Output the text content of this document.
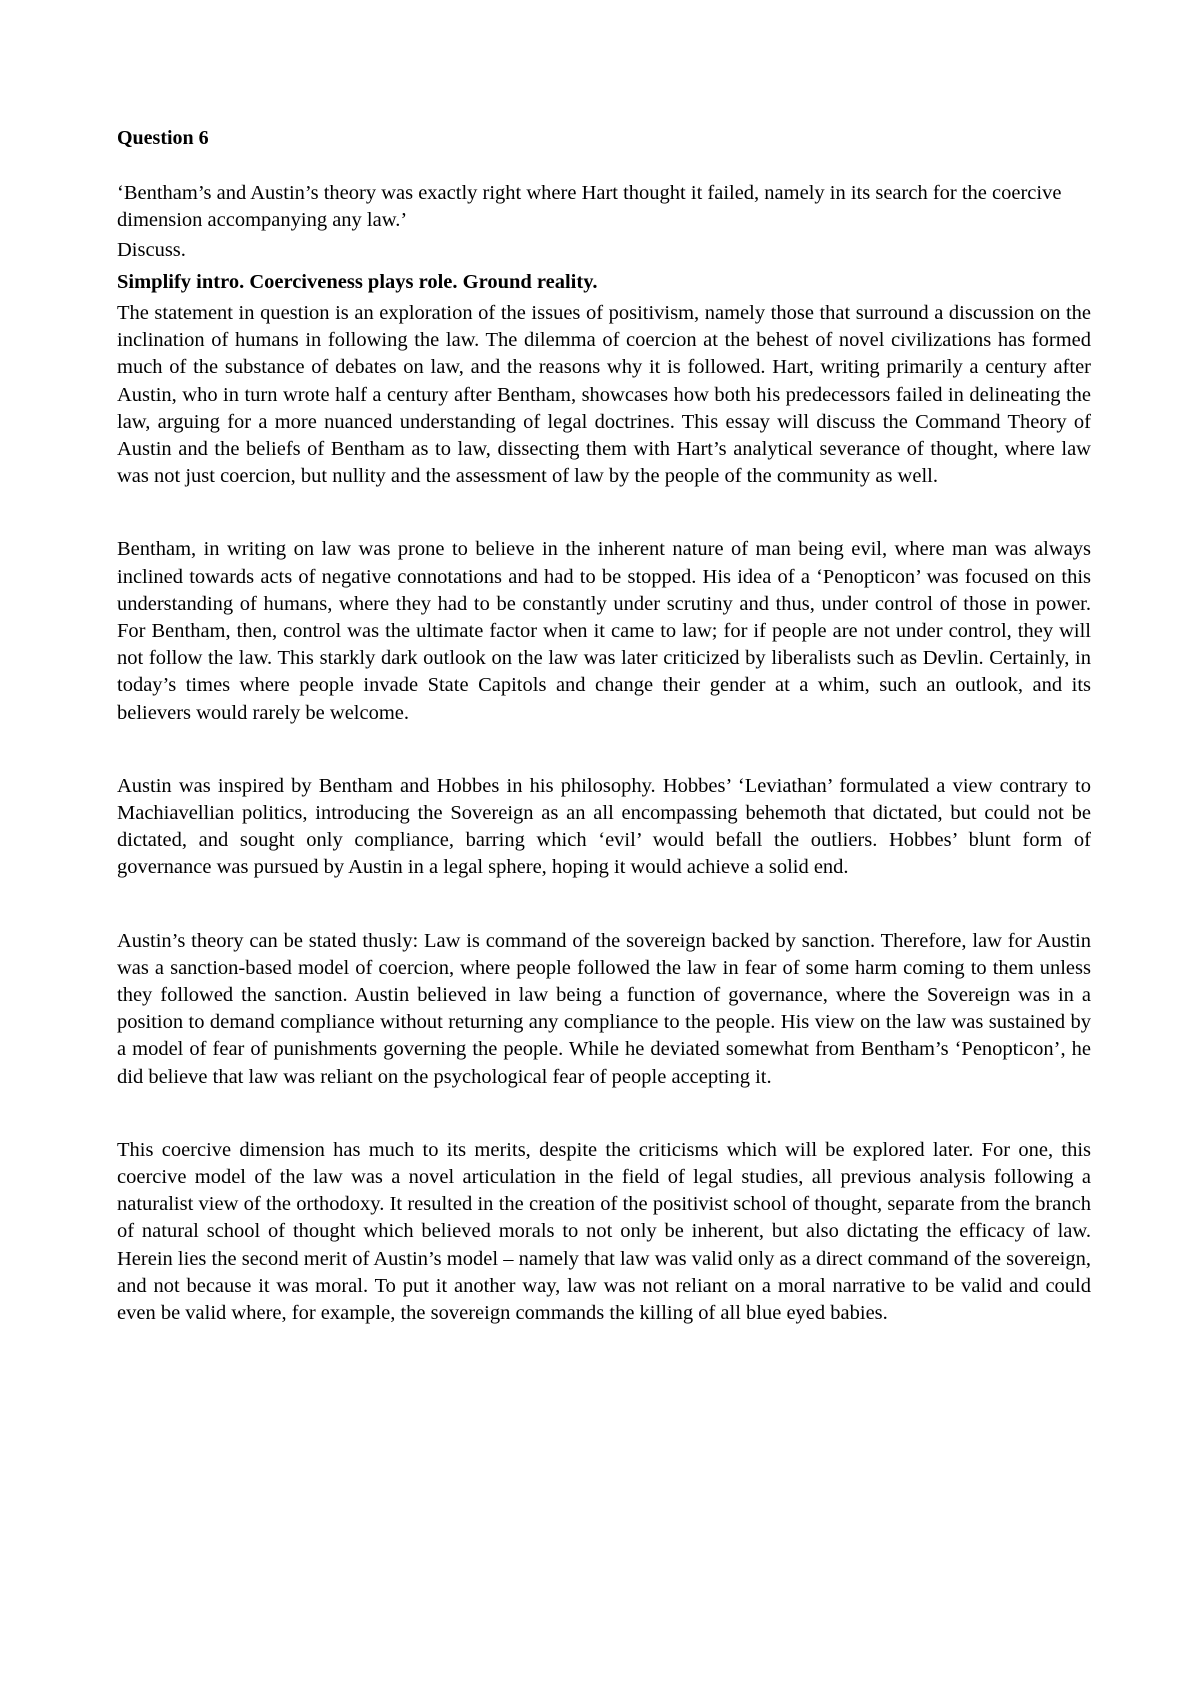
Question 6
‘Bentham’s and Austin’s theory was exactly right where Hart thought it failed, namely in its search for the coercive dimension accompanying any law.’
Discuss.
Simplify intro. Coerciveness plays role. Ground reality.

The statement in question is an exploration of the issues of positivism, namely those that surround a discussion on the inclination of humans in following the law. The dilemma of coercion at the behest of novel civilizations has formed much of the substance of debates on law, and the reasons why it is followed. Hart, writing primarily a century after Austin, who in turn wrote half a century after Bentham, showcases how both his predecessors failed in delineating the law, arguing for a more nuanced understanding of legal doctrines. This essay will discuss the Command Theory of Austin and the beliefs of Bentham as to law, dissecting them with Hart’s analytical severance of thought, where law was not just coercion, but nullity and the assessment of law by the people of the community as well.

Bentham, in writing on law was prone to believe in the inherent nature of man being evil, where man was always inclined towards acts of negative connotations and had to be stopped. His idea of a ‘Penopticon’ was focused on this understanding of humans, where they had to be constantly under scrutiny and thus, under control of those in power. For Bentham, then, control was the ultimate factor when it came to law; for if people are not under control, they will not follow the law. This starkly dark outlook on the law was later criticized by liberalists such as Devlin. Certainly, in today’s times where people invade State Capitols and change their gender at a whim, such an outlook, and its believers would rarely be welcome.

Austin was inspired by Bentham and Hobbes in his philosophy. Hobbes’ ‘Leviathan’ formulated a view contrary to Machiavellian politics, introducing the Sovereign as an all encompassing behemoth that dictated, but could not be dictated, and sought only compliance, barring which ‘evil’ would befall the outliers. Hobbes’ blunt form of governance was pursued by Austin in a legal sphere, hoping it would achieve a solid end.

Austin’s theory can be stated thusly: Law is command of the sovereign backed by sanction. Therefore, law for Austin was a sanction-based model of coercion, where people followed the law in fear of some harm coming to them unless they followed the sanction. Austin believed in law being a function of governance, where the Sovereign was in a position to demand compliance without returning any compliance to the people. His view on the law was sustained by a model of fear of punishments governing the people. While he deviated somewhat from Bentham’s ‘Penopticon’, he did believe that law was reliant on the psychological fear of people accepting it.

This coercive dimension has much to its merits, despite the criticisms which will be explored later. For one, this coercive model of the law was a novel articulation in the field of legal studies, all previous analysis following a naturalist view of the orthodoxy. It resulted in the creation of the positivist school of thought, separate from the branch of natural school of thought which believed morals to not only be inherent, but also dictating the efficacy of law. Herein lies the second merit of Austin’s model – namely that law was valid only as a direct command of the sovereign, and not because it was moral. To put it another way, law was not reliant on a moral narrative to be valid and could even be valid where, for example, the sovereign commands the killing of all blue eyed babies.
